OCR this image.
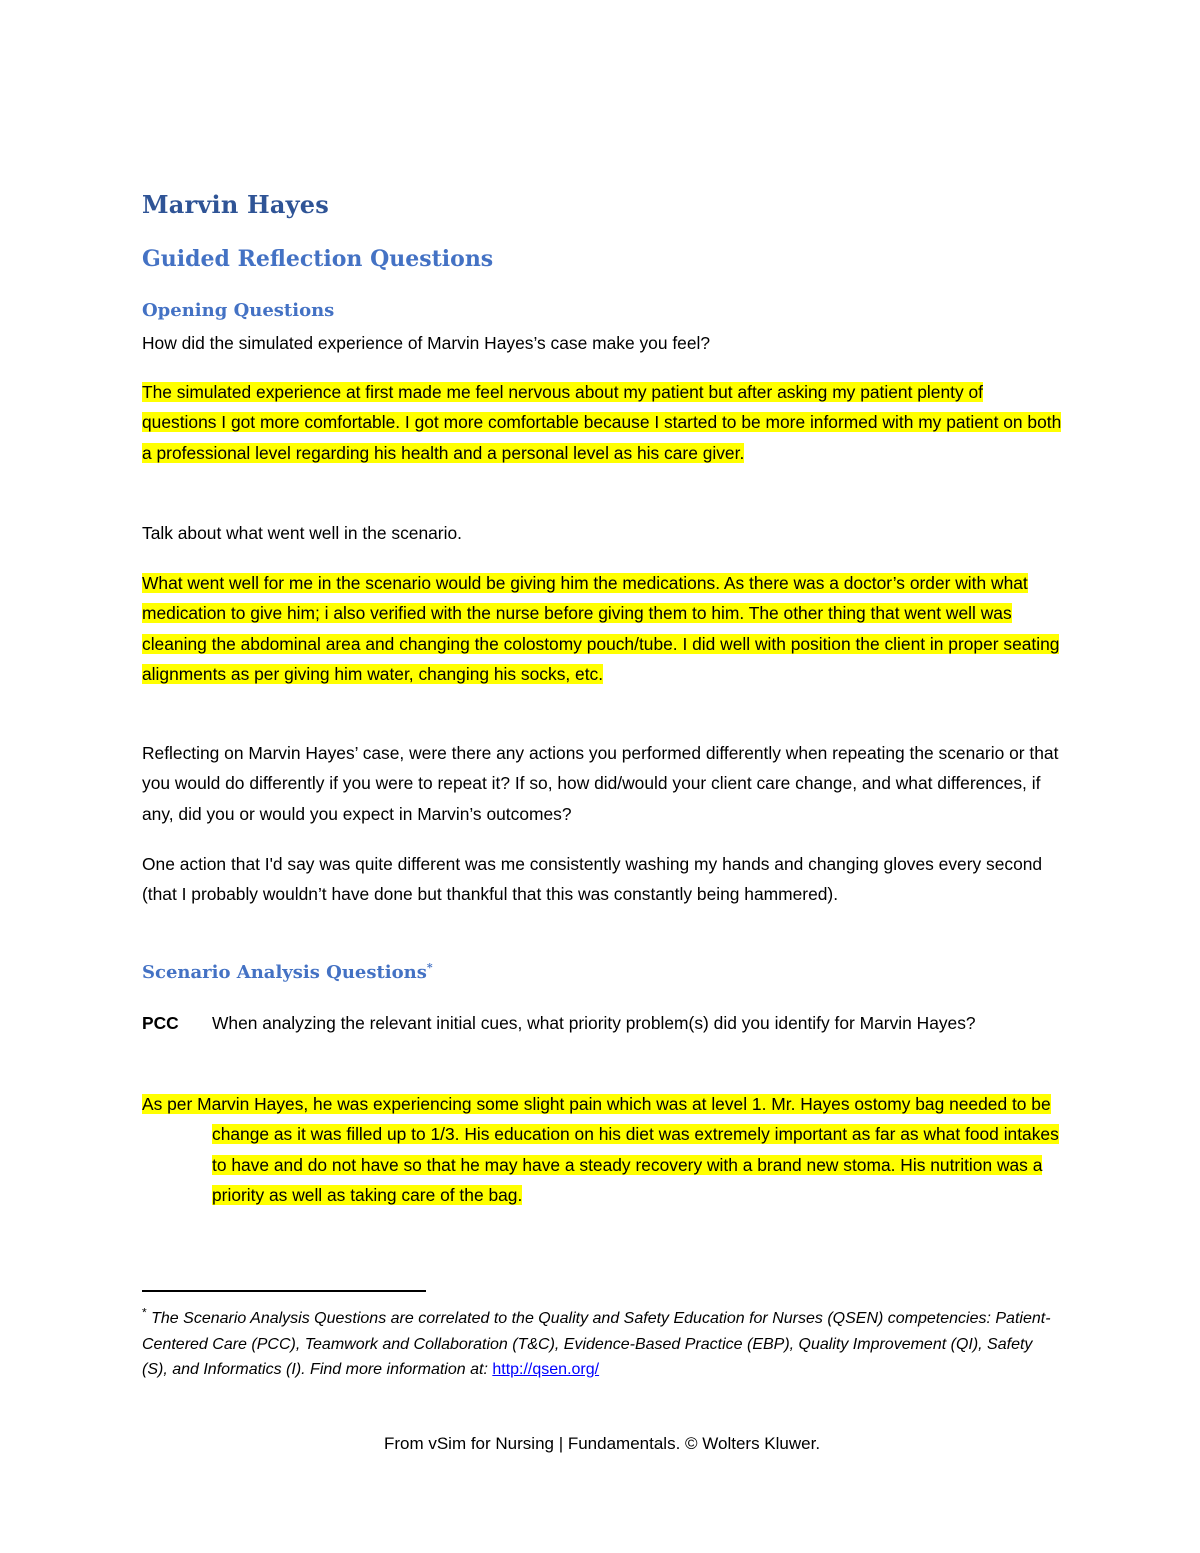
Marvin Hayes
Guided Reflection Questions
Opening Questions

How did the simulated experience of Marvin Hayes’s case make you feel?

The simulated experience at first made me feel nervous about my patient but after asking my patient plenty of questions I got more comfortable. I got more comfortable because I started to be more informed with my patient on both a professional level regarding his health and a personal level as his care giver.

Talk about what went well in the scenario.

What went well for me in the scenario would be giving him the medications. As there was a doctor’s order with what medication to give him; i also verified with the nurse before giving them to him. The other thing that went well was cleaning the abdominal area and changing the colostomy pouch/tube. I did well with position the client in proper seating alignments as per giving him water, changing his socks, etc.

Reflecting on Marvin Hayes’ case, were there any actions you performed differently when repeating the scenario or that you would do differently if you were to repeat it? If so, how did/would your client care change, and what differences, if any, did you or would you expect in Marvin’s outcomes?

One action that I'd say was quite different was me consistently washing my hands and changing gloves every second (that I probably wouldn’t have done but thankful that this was constantly being hammered).

Scenario Analysis Questions*
PCC When analyzing the relevant initial cues, what priority problem(s) did you identify for Marvin Hayes?
As per Marvin Hayes, he was experiencing some slight pain which was at level 1. Mr. Hayes ostomy bag needed to be change as it was filled up to 1/3. His education on his diet was extremely important as far as what food intakes to have and do not have so that he may have a steady recovery with a brand new stoma. His nutrition was a priority as well as taking care of the bag.
* The Scenario Analysis Questions are correlated to the Quality and Safety Education for Nurses (QSEN) competencies: Patient-Centered Care (PCC), Teamwork and Collaboration (T&C), Evidence-Based Practice (EBP), Quality Improvement (QI), Safety (S), and Informatics (I). Find more information at: http://qsen.org/
From vSim for Nursing | Fundamentals. © Wolters Kluwer.
